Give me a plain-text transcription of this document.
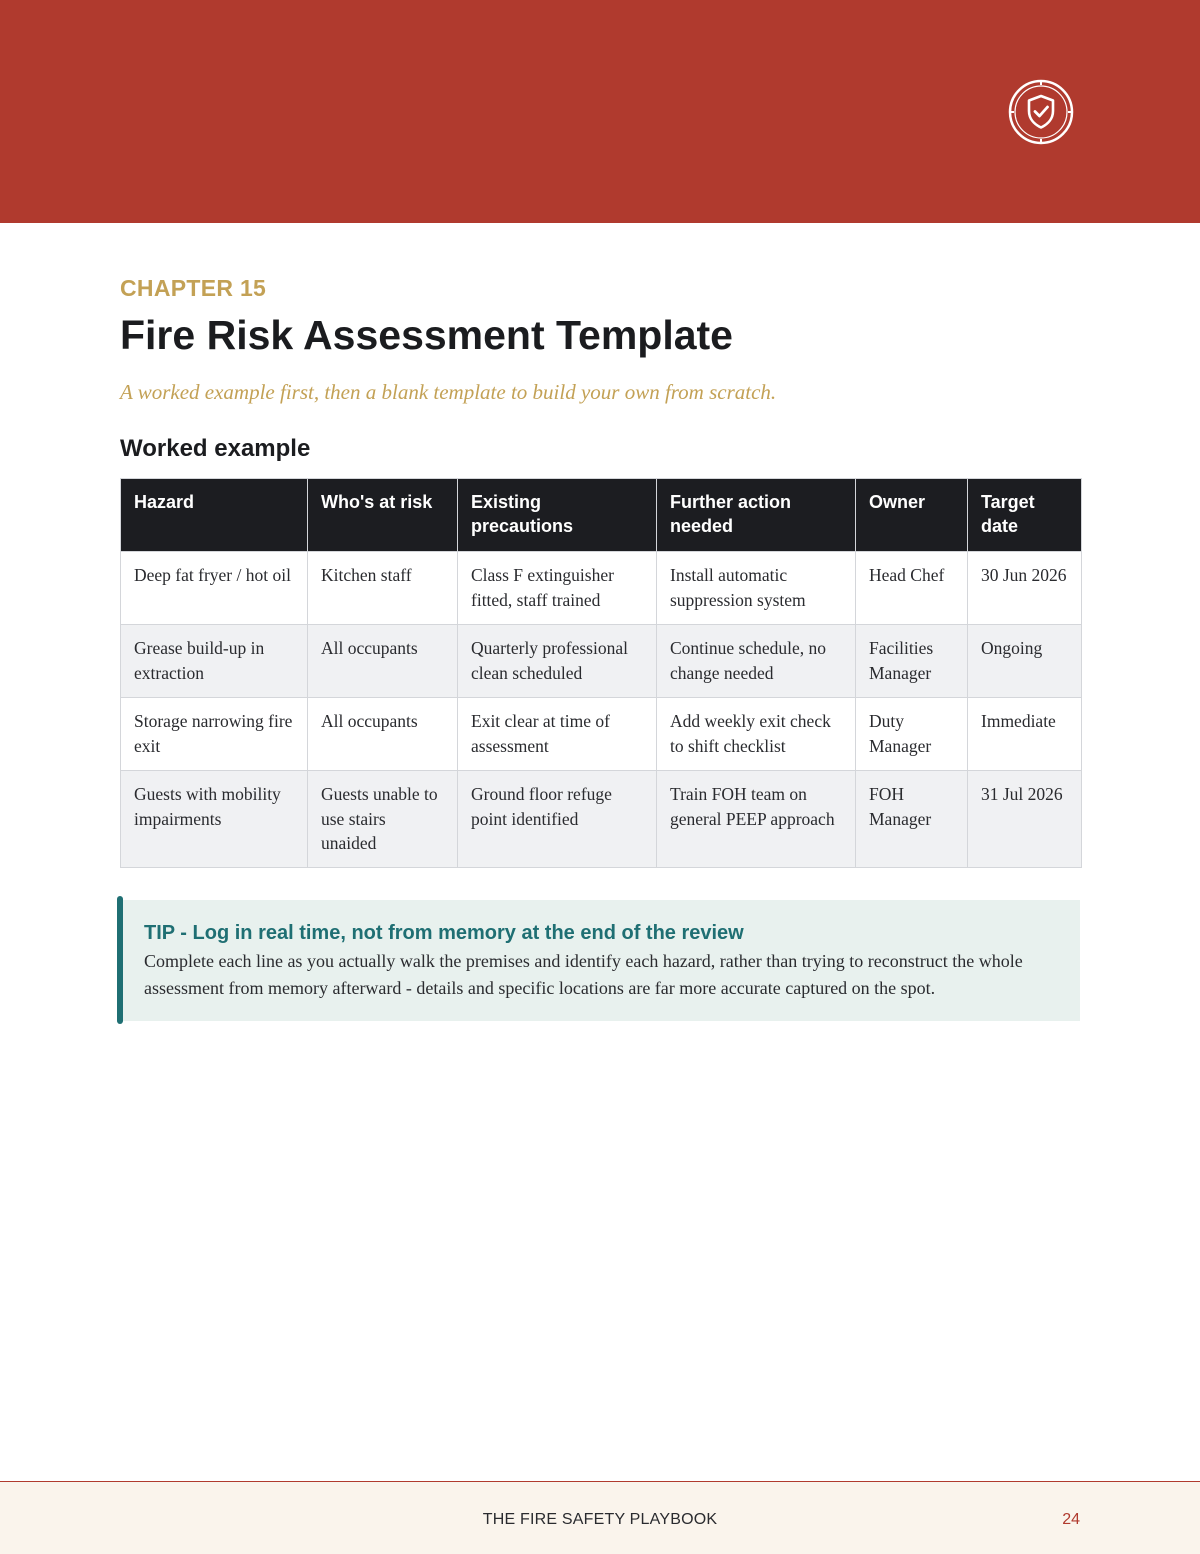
CHAPTER 15
Fire Risk Assessment Template
A worked example first, then a blank template to build your own from scratch.
Worked example
Hazard	Who's at risk	Existing precautions	Further action needed	Owner	Target date
Deep fat fryer / hot oil	Kitchen staff	Class F extinguisher fitted, staff trained	Install automatic suppression system	Head Chef	30 Jun 2026
Grease build-up in extraction	All occupants	Quarterly professional clean scheduled	Continue schedule, no change needed	Facilities Manager	Ongoing
Storage narrowing fire exit	All occupants	Exit clear at time of assessment	Add weekly exit check to shift checklist	Duty Manager	Immediate
Guests with mobility impairments	Guests unable to use stairs unaided	Ground floor refuge point identified	Train FOH team on general PEEP approach	FOH Manager	31 Jul 2026
TIP - Log in real time, not from memory at the end of the review
Complete each line as you actually walk the premises and identify each hazard, rather than trying to reconstruct the whole assessment from memory afterward - details and specific locations are far more accurate captured on the spot.
THE FIRE SAFETY PLAYBOOK	24
